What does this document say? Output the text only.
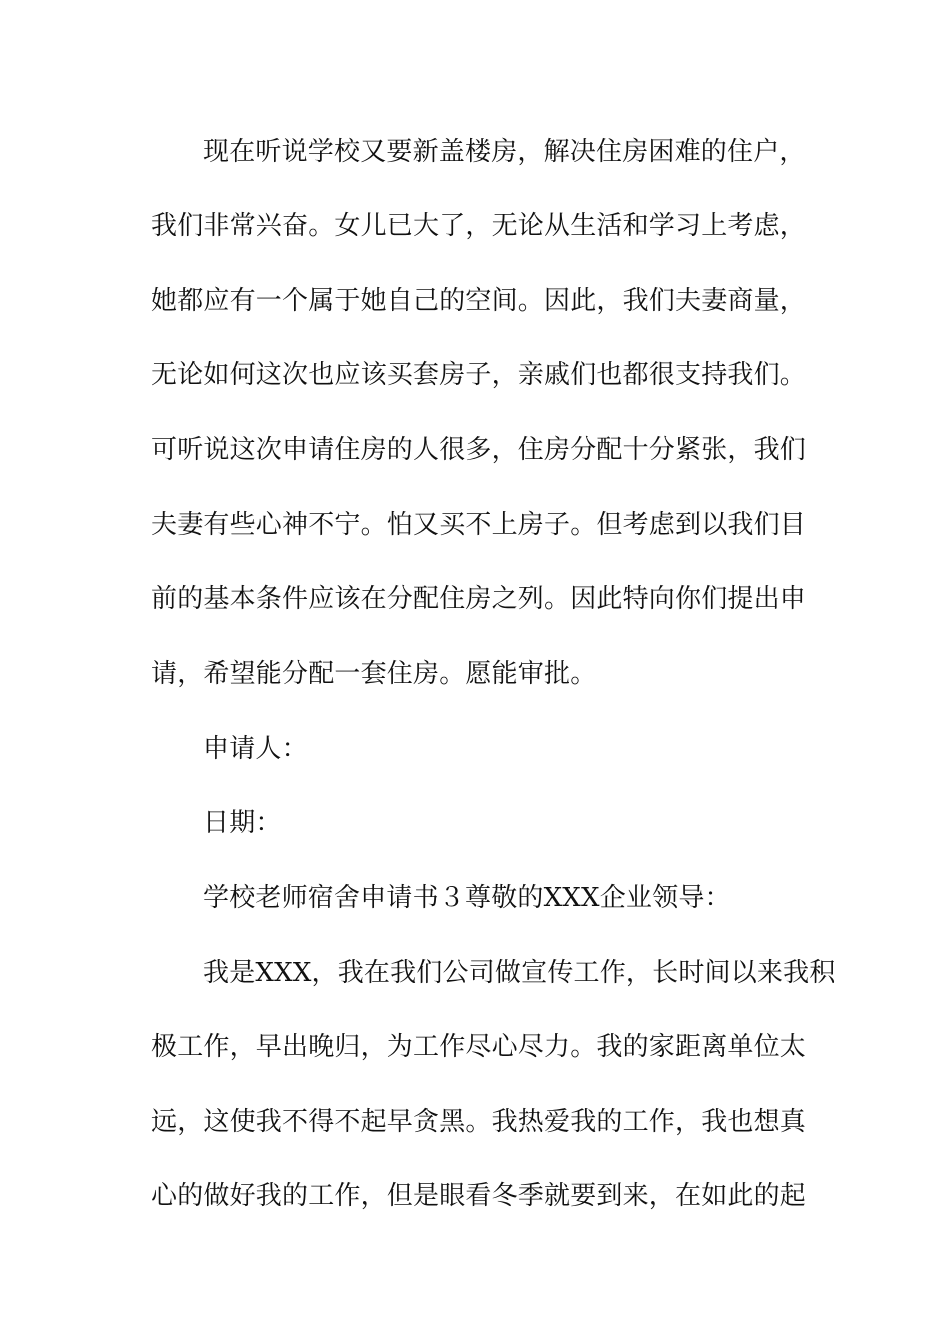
现在听说学校又要新盖楼房，解决住房困难的住户，
我们非常兴奋。女儿已大了，无论从生活和学习上考虑，
她都应有一个属于她自己的空间。因此，我们夫妻商量，
无论如何这次也应该买套房子，亲戚们也都很支持我们。
可听说这次申请住房的人很多，住房分配十分紧张，我们
夫妻有些心神不宁。怕又买不上房子。但考虑到以我们目
前的基本条件应该在分配住房之列。因此特向你们提出申
请，希望能分配一套住房。愿能审批。
申请人：
日期：
学校老师宿舍申请书３尊敬的XXX企业领导：
我是XXX，我在我们公司做宣传工作，长时间以来我积
极工作，早出晚归，为工作尽心尽力。我的家距离单位太
远，这使我不得不起早贪黑。我热爱我的工作，我也想真
心的做好我的工作，但是眼看冬季就要到来，在如此的起
